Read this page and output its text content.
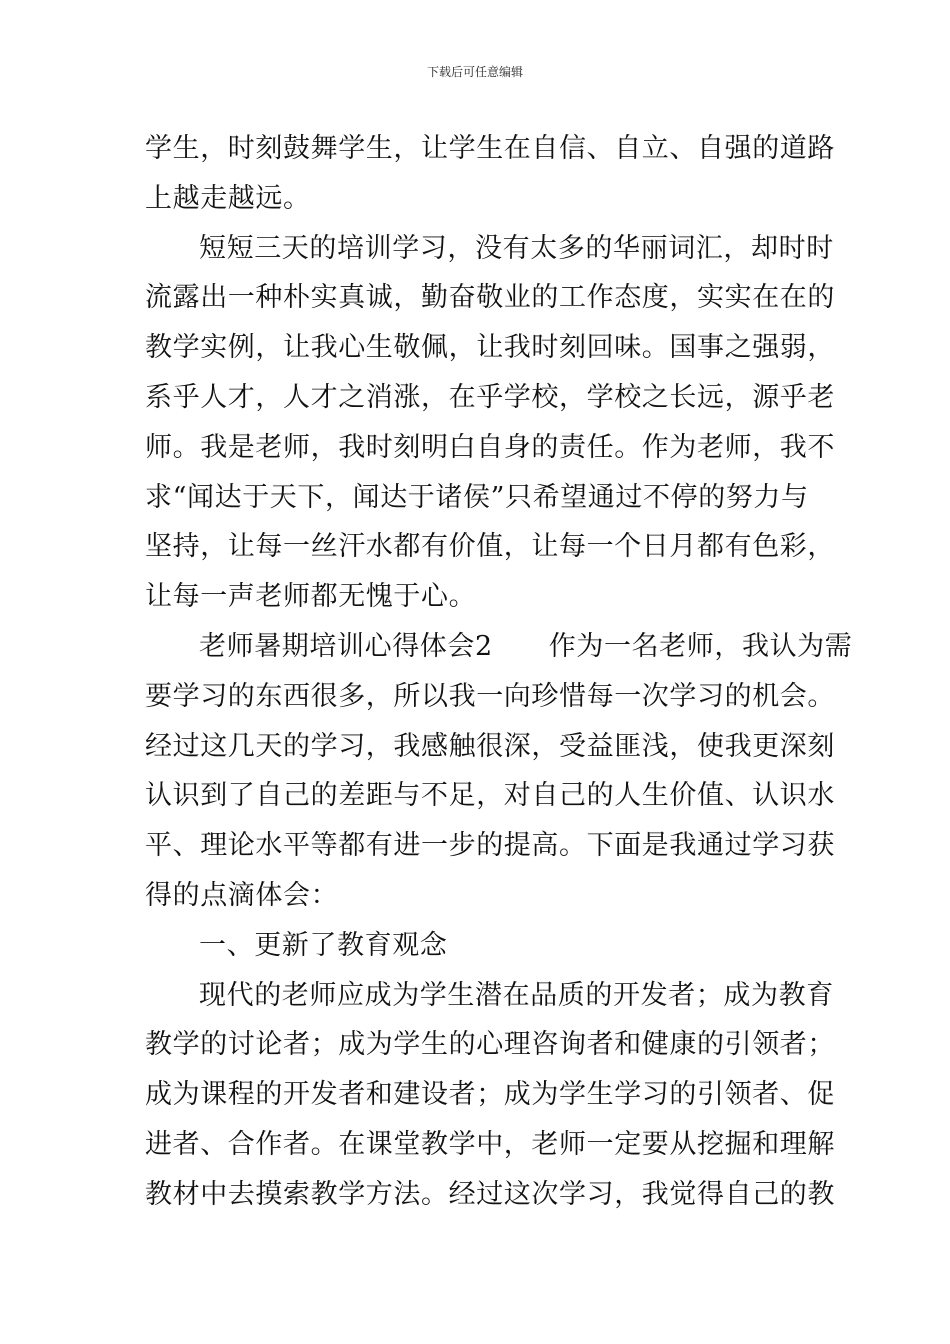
下载后可任意编辑
学生，时刻鼓舞学生，让学生在自信、自立、自强的道路
上越走越远。
短短三天的培训学习，没有太多的华丽词汇，却时时
流露出一种朴实真诚，勤奋敬业的工作态度，实实在在的
教学实例，让我心生敬佩，让我时刻回味。国事之强弱，
系乎人才，人才之消涨，在乎学校，学校之长远，源乎老
师。我是老师，我时刻明白自身的责任。作为老师，我不
求“闻达于天下，闻达于诸侯”只希望通过不停的努力与
坚持，让每一丝汗水都有价值，让每一个日月都有色彩，
让每一声老师都无愧于心。
老师暑期培训心得体会2 作为一名老师，我认为需
要学习的东西很多，所以我一向珍惜每一次学习的机会。
经过这几天的学习，我感触很深，受益匪浅，使我更深刻
认识到了自己的差距与不足，对自己的人生价值、认识水
平、理论水平等都有进一步的提高。下面是我通过学习获
得的点滴体会：
一、更新了教育观念
现代的老师应成为学生潜在品质的开发者；成为教育
教学的讨论者；成为学生的心理咨询者和健康的引领者；
成为课程的开发者和建设者；成为学生学习的引领者、促
进者、合作者。在课堂教学中，老师一定要从挖掘和理解
教材中去摸索教学方法。经过这次学习，我觉得自己的教
